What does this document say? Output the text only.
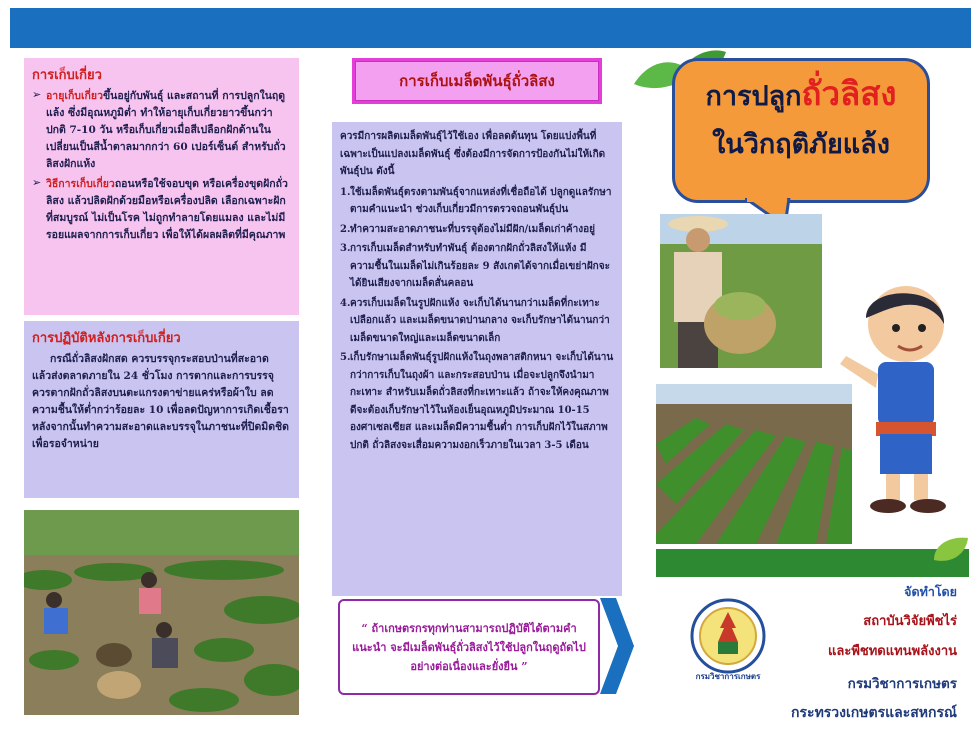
การเก็บเกี่ยว
➢ อายุเก็บเกี่ยวขึ้นอยู่กับพันธุ์ และสถานที่ การปลูกในฤดูแล้ง ซึ่งมีอุณหภูมิต่ำ ทำให้อายุเก็บเกี่ยวยาวขึ้นกว่าปกติ 7-10 วัน หรือเก็บเกี่ยวเมื่อสีเปลือกฝักด้านในเปลี่ยนเป็นสีน้ำตาลมากกว่า 60 เปอร์เซ็นต์ สำหรับถั่วลิสงฝักแห้ง
➢ วิธีการเก็บเกี่ยวถอนหรือใช้จอบขุด หรือเครื่องขุดฝักถั่วลิสง แล้วปลิดฝักด้วยมือหรือเครื่องปลิด เลือกเฉพาะฝักที่สมบูรณ์ ไม่เป็นโรค ไม่ถูกทำลายโดยแมลง และไม่มีรอยแผลจากการเก็บเกี่ยว เพื่อให้ได้ผลผลิตที่มีคุณภาพ
การปฏิบัติหลังการเก็บเกี่ยว
กรณีถั่วลิสงฝักสด ควรบรรจุกระสอบป่านที่สะอาด แล้วส่งตลาดภายใน 24 ชั่วโมง การตากและการบรรจุ ควรตากฝักถั่วลิสงบนตะแกรงตาข่ายแคร่หรือผ้าใบ ลดความชื้นให้ต่ำกว่าร้อยละ 10 เพื่อลดปัญหาการเกิดเชื้อรา หลังจากนั้นทำความสะอาดและบรรจุในภาชนะที่ปิดมิดชิด เพื่อรอจำหน่าย
การเก็บเมล็ดพันธุ์ถั่วลิสง
ควรมีการผลิตเมล็ดพันธุ์ไว้ใช้เอง เพื่อลดต้นทุน โดยแบ่งพื้นที่เฉพาะเป็นแปลงเมล็ดพันธุ์ ซึ่งต้องมีการจัดการป้องกันไม่ให้เกิดพันธุ์ปน ดังนี้
1. ใช้เมล็ดพันธุ์ตรงตามพันธุ์จากแหล่งที่เชื่อถือได้ ปลูกดูแลรักษาตามคำแนะนำ ช่วงเก็บเกี่ยวมีการตรวจถอนพันธุ์ปน
2. ทำความสะอาดภาชนะที่บรรจุต้องไม่มีฝัก/เมล็ดเก่าค้างอยู่
3. การเก็บเมล็ดสำหรับทำพันธุ์ ต้องตากฝักถั่วลิสงให้แห้ง มีความชื้นในเมล็ดไม่เกินร้อยละ 9 สังเกตได้จากเมื่อเขย่าฝักจะได้ยินเสียงจากเมล็ดสั่นคลอน
4. ควรเก็บเมล็ดในรูปฝักแห้ง จะเก็บได้นานกว่าเมล็ดที่กะเทาะเปลือกแล้ว และเมล็ดขนาดปานกลาง จะเก็บรักษาได้นานกว่าเมล็ดขนาดใหญ่และเมล็ดขนาดเล็ก
5. เก็บรักษาเมล็ดพันธุ์รูปฝักแห้งในถุงพลาสติกหนา จะเก็บได้นานกว่าการเก็บในถุงผ้า และกระสอบป่าน เมื่อจะปลูกจึงนำมากะเทาะ สำหรับเมล็ดถั่วลิสงที่กะเทาะแล้ว ถ้าจะให้คงคุณภาพดีจะต้องเก็บรักษาไว้ในห้องเย็นอุณหภูมิประมาณ 10-15 องศาเซลเซียส และเมล็ดมีความชื้นต่ำ การเก็บฝักไว้ในสภาพปกติ ถั่วลิสงจะเสื่อมความงอกเร็วภายในเวลา 3-5 เดือน
“ ถ้าเกษตรกรทุกท่านสามารถปฏิบัติได้ตามคำแนะนำ จะมีเมล็ดพันธุ์ถั่วลิสงไว้ใช้ปลูกในฤดูถัดไปอย่างต่อเนื่องและยั่งยืน ”
การปลูกถั่วลิสง
ในวิกฤติภัยแล้ง
กรมวิชาการเกษตร
จัดทำโดย
สถาบันวิจัยพืชไร่
และพืชทดแทนพลังงาน
กรมวิชาการเกษตร
กระทรวงเกษตรและสหกรณ์
